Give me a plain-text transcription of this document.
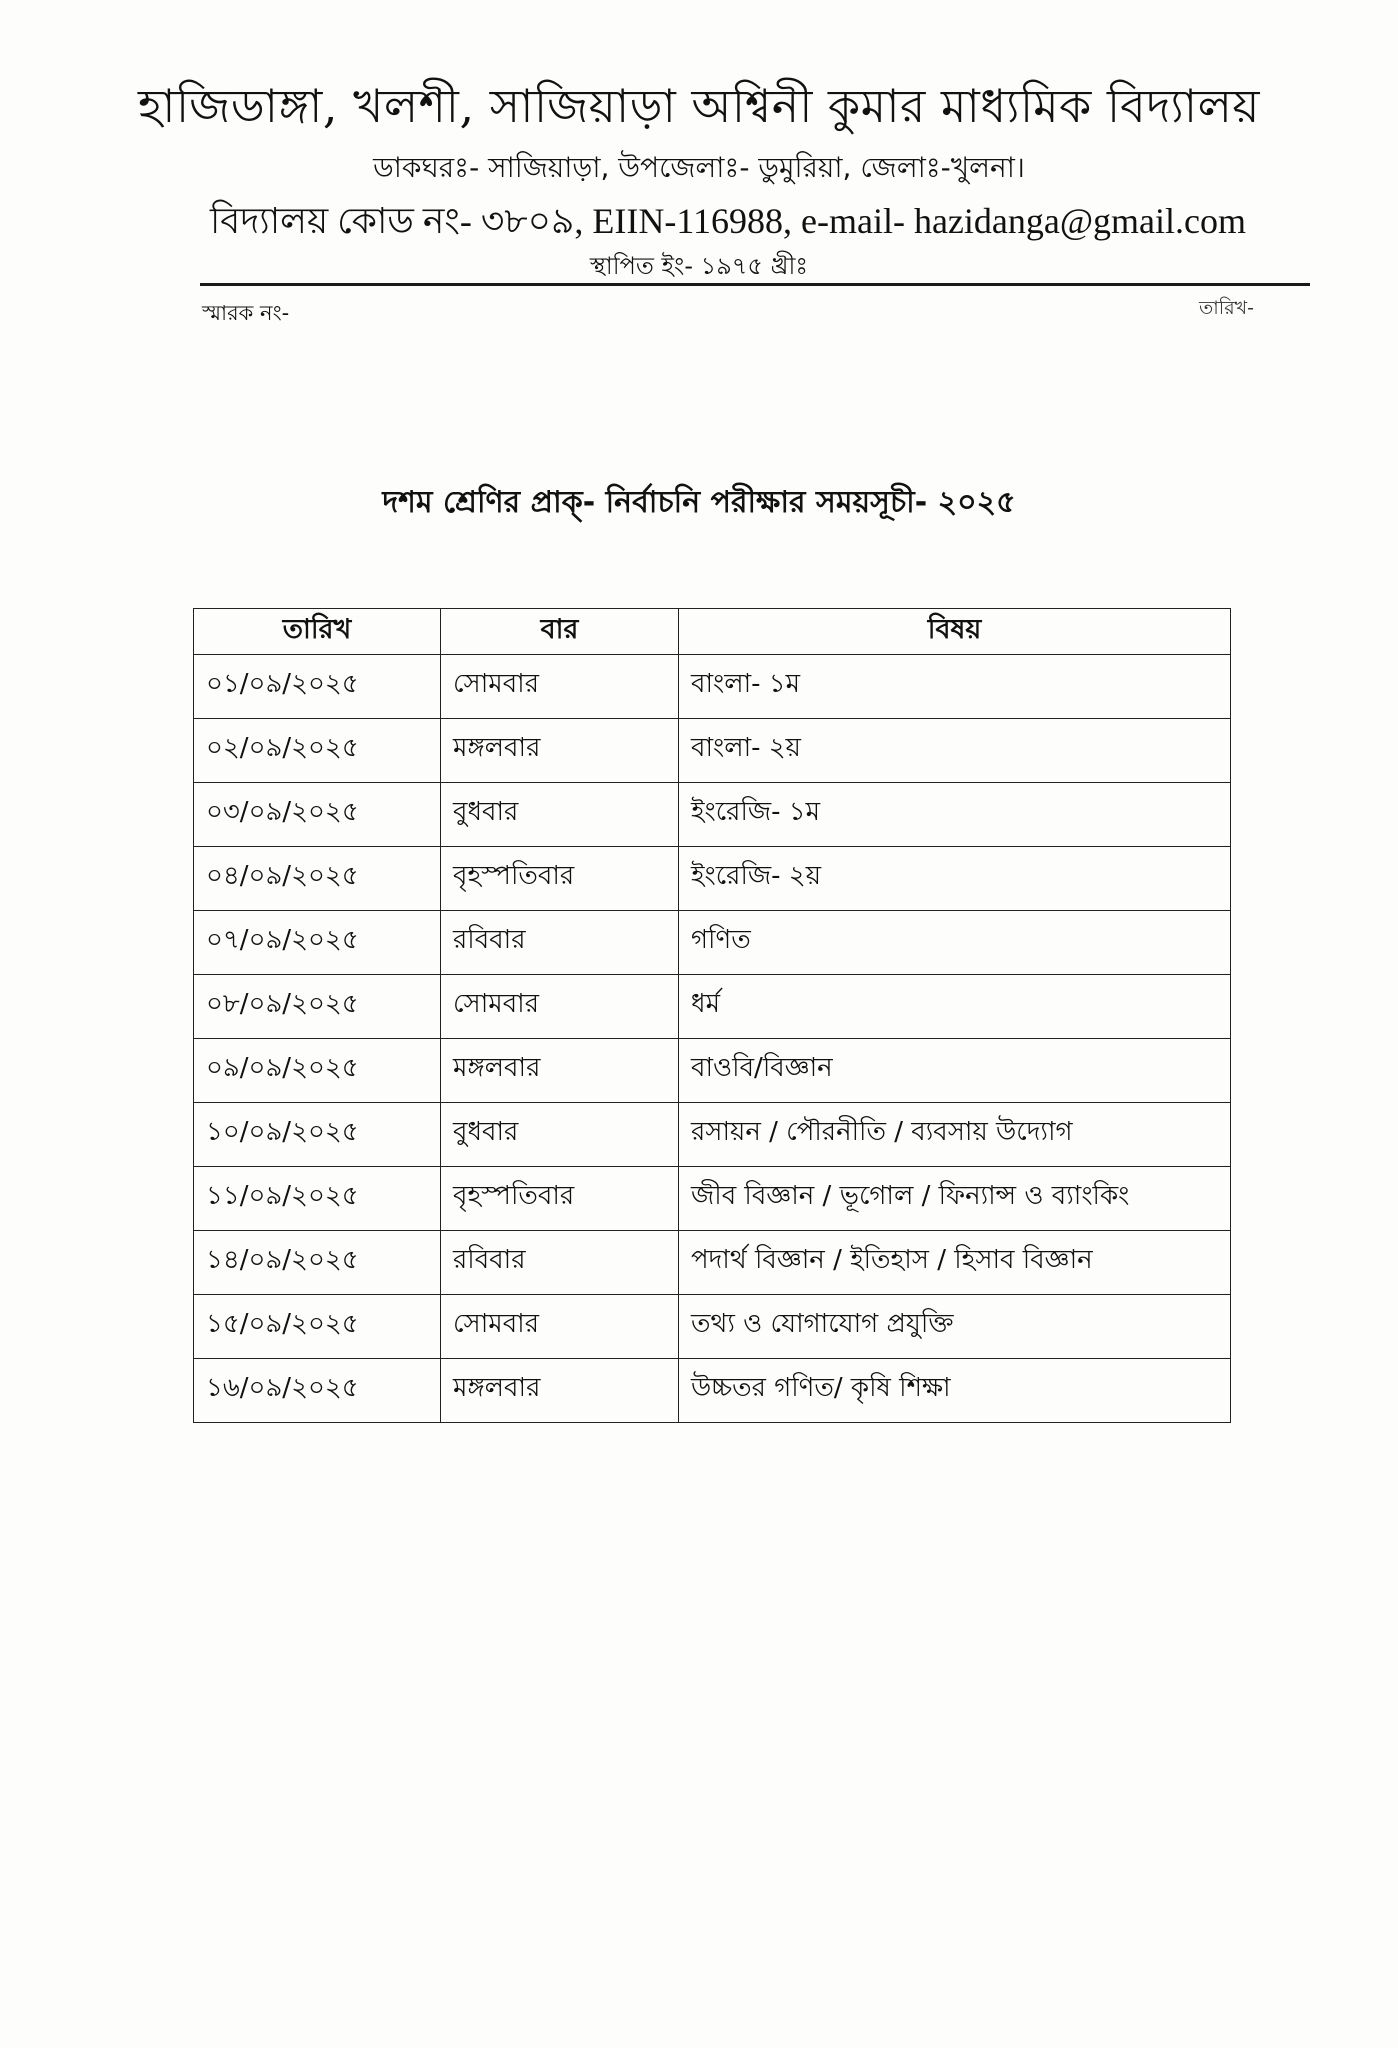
হাজিডাঙ্গা, খলশী, সাজিয়াড়া অশ্বিনী কুমার মাধ্যমিক বিদ্যালয়
ডাকঘরঃ- সাজিয়াড়া, উপজেলাঃ- ডুমুরিয়া, জেলাঃ-খুলনা।
বিদ্যালয় কোড নং- ৩৮০৯, EIIN-116988, e-mail- hazidanga@gmail.com
স্থাপিত ইং- ১৯৭৫ খ্রীঃ
স্মারক নং-	তারিখ-
দশম শ্রেণির প্রাক্- নির্বাচনি পরীক্ষার সময়সূচী- ২০২৫
তারিখ	বার	বিষয়
০১/০৯/২০২৫	সোমবার	বাংলা- ১ম
০২/০৯/২০২৫	মঙ্গলবার	বাংলা- ২য়
০৩/০৯/২০২৫	বুধবার	ইংরেজি- ১ম
০৪/০৯/২০২৫	বৃহস্পতিবার	ইংরেজি- ২য়
০৭/০৯/২০২৫	রবিবার	গণিত
০৮/০৯/২০২৫	সোমবার	ধর্ম
০৯/০৯/২০২৫	মঙ্গলবার	বাওবি/বিজ্ঞান
১০/০৯/২০২৫	বুধবার	রসায়ন / পৌরনীতি / ব্যবসায় উদ্যোগ
১১/০৯/২০২৫	বৃহস্পতিবার	জীব বিজ্ঞান / ভূগোল / ফিন্যান্স ও ব্যাংকিং
১৪/০৯/২০২৫	রবিবার	পদার্থ বিজ্ঞান / ইতিহাস / হিসাব বিজ্ঞান
১৫/০৯/২০২৫	সোমবার	তথ্য ও যোগাযোগ প্রযুক্তি
১৬/০৯/২০২৫	মঙ্গলবার	উচ্চতর গণিত/ কৃষি শিক্ষা
